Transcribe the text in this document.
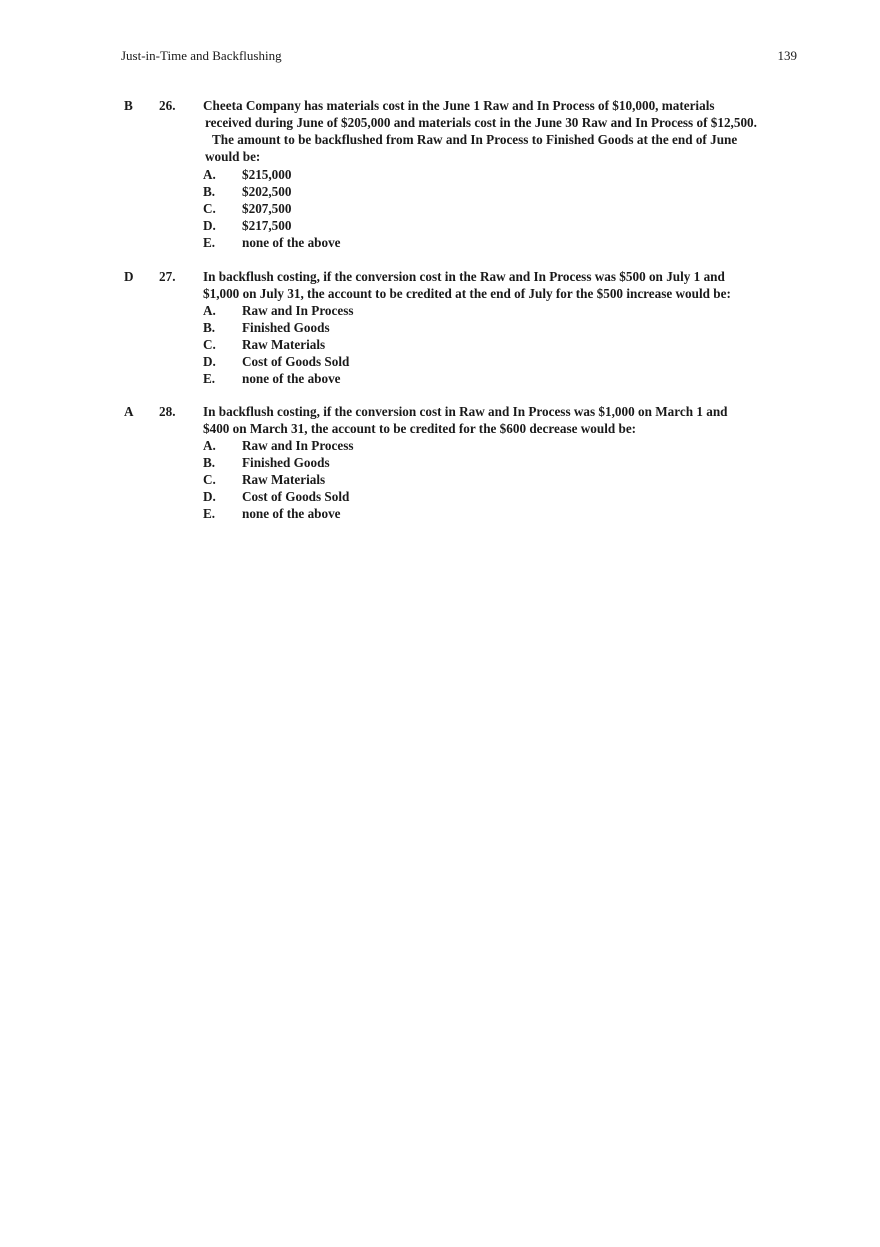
Just-in-Time and Backflushing	139
B 26. Cheeta Company has materials cost in the June 1 Raw and In Process of $10,000, materials
received during June of $205,000 and materials cost in the June 30 Raw and In Process of $12,500.
The amount to be backflushed from Raw and In Process to Finished Goods at the end of June
would be:
A. $215,000
B. $202,500
C. $207,500
D. $217,500
E. none of the above
D 27. In backflush costing, if the conversion cost in the Raw and In Process was $500 on July 1 and
$1,000 on July 31, the account to be credited at the end of July for the $500 increase would be:
A. Raw and In Process
B. Finished Goods
C. Raw Materials
D. Cost of Goods Sold
E. none of the above
A 28. In backflush costing, if the conversion cost in Raw and In Process was $1,000 on March 1 and
$400 on March 31, the account to be credited for the $600 decrease would be:
A. Raw and In Process
B. Finished Goods
C. Raw Materials
D. Cost of Goods Sold
E. none of the above
